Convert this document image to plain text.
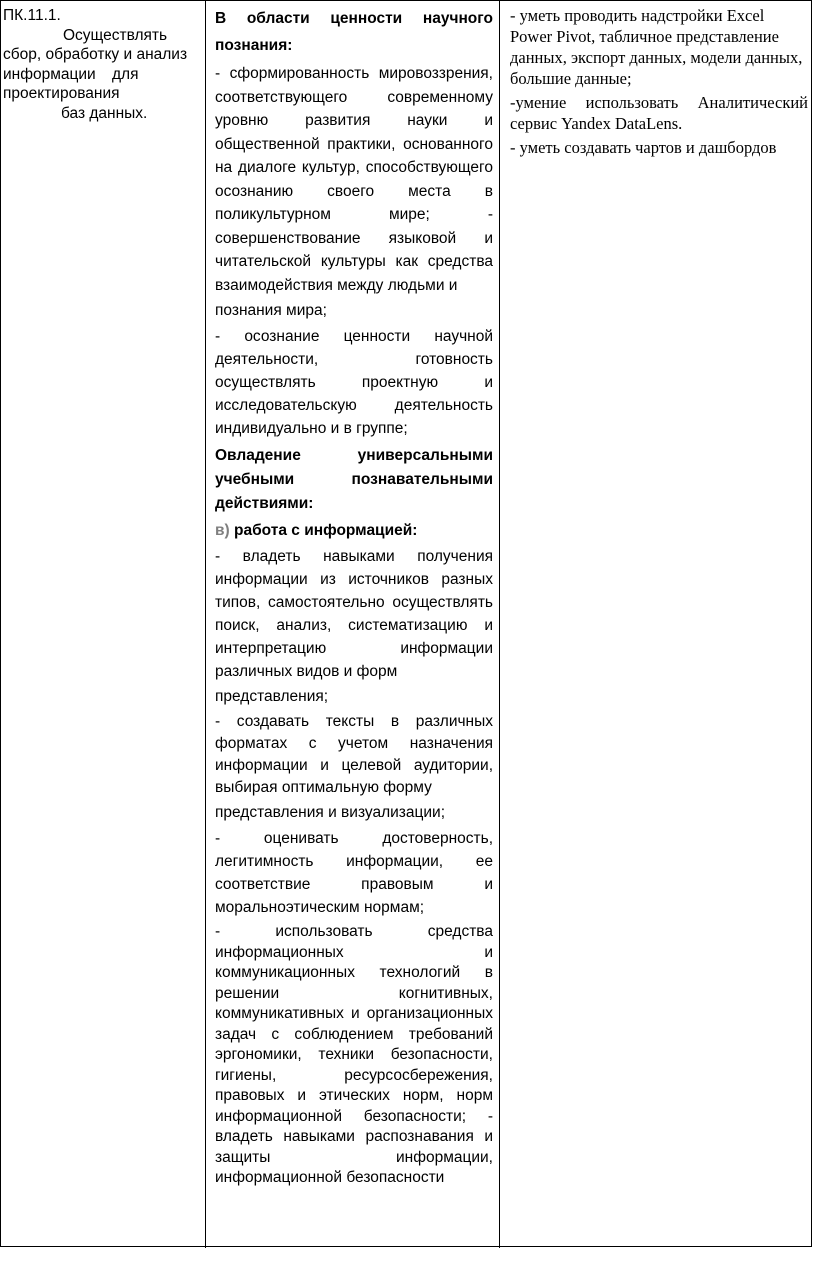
ПК.11.1.

Осуществлять

сбор, обработку и анализ

информации для

проектирования

баз данных.

В области ценности научного познания:

- сформированность мировоззрения, соответствующего современному уровню развития науки и общественной практики, основанного на диалоге культур, способствующего осознанию своего места в поликультурном мире; - совершенствование языковой и читательской культуры как средства взаимодействия между людьми и

познания мира;

- осознание ценности научной деятельности, готовность осуществлять проектную и исследовательскую деятельность индивидуально и в группе;

Овладение универсальными учебными познавательными действиями:

в) работа с информацией:

- владеть навыками получения информации из источников разных типов, самостоятельно осуществлять поиск, анализ, систематизацию и интерпретацию информации различных видов и форм

представления;

- создавать тексты в различных форматах с учетом назначения информации и целевой аудитории, выбирая оптимальную форму

представления и визуализации;

- оценивать достоверность, легитимность информации, ее соответствие правовым и моральноэтическим нормам;

- использовать средства информационных и коммуникационных технологий в решении когнитивных, коммуникативных и организационных задач с соблюдением требований эргономики, техники безопасности, гигиены, ресурсосбережения, правовых и этических норм, норм информационной безопасности; - владеть навыками распознавания и защиты информации, информационной безопасности

- уметь проводить надстройки Excel Power Pivot, табличное представление данных, экспорт данных, модели данных, большие данные;

-умение использовать Аналитический сервис Yandex DataLens.

- уметь создавать чартов и дашбордов
